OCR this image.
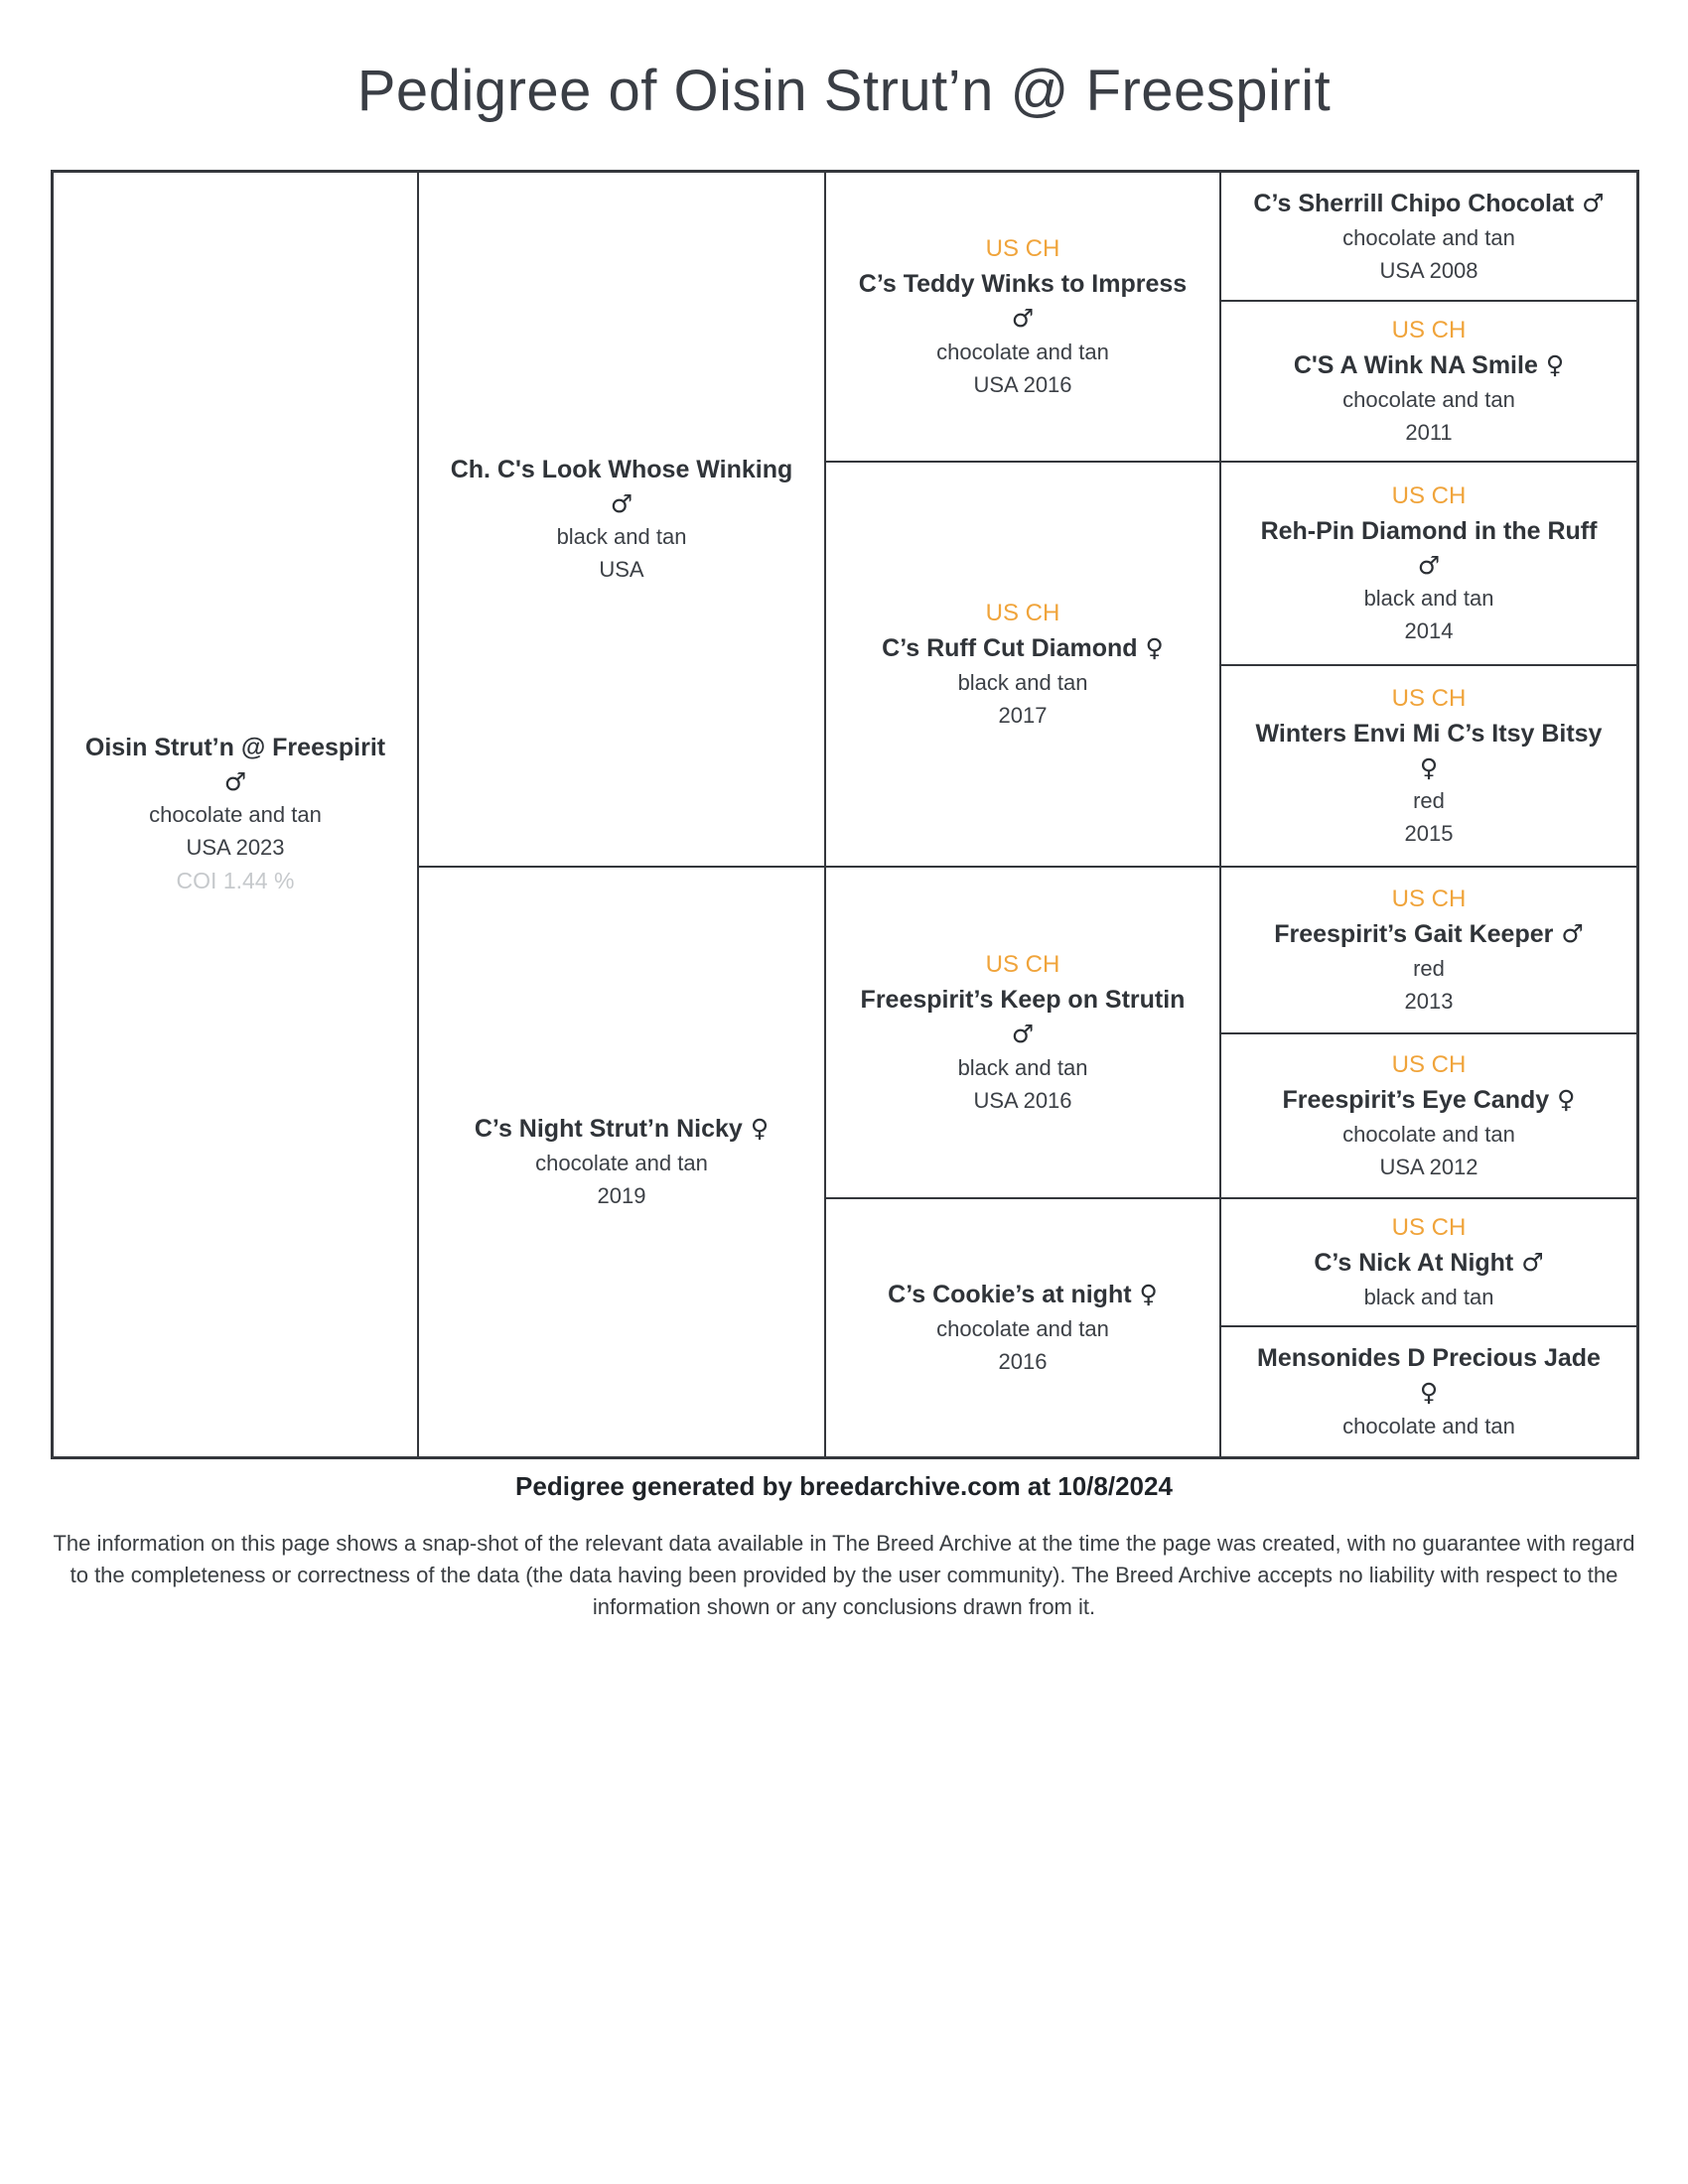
Pedigree of Oisin Strut’n @ Freespirit
Oisin Strut’n @ Freespirit
♂
chocolate and tan
USA 2023
COI 1.44 %
Ch. C's Look Whose Winking
♂
black and tan
USA
C’s Night Strut’n Nicky ♀
chocolate and tan
2019
US CH
C’s Teddy Winks to Impress
♂
chocolate and tan
USA 2016
US CH
C’s Ruff Cut Diamond ♀
black and tan
2017
US CH
Freespirit’s Keep on Strutin
♂
black and tan
USA 2016
C’s Cookie’s at night ♀
chocolate and tan
2016
C’s Sherrill Chipo Chocolat ♂
chocolate and tan
USA 2008
US CH
C'S A Wink NA Smile ♀
chocolate and tan
2011
US CH
Reh-Pin Diamond in the Ruff
♂
black and tan
2014
US CH
Winters Envi Mi C’s Itsy Bitsy
♀
red
2015
US CH
Freespirit’s Gait Keeper ♂
red
2013
US CH
Freespirit’s Eye Candy ♀
chocolate and tan
USA 2012
US CH
C’s Nick At Night ♂
black and tan
Mensonides D Precious Jade
♀
chocolate and tan
Pedigree generated by breedarchive.com at 10/8/2024

The information on this page shows a snap-shot of the relevant data available in The Breed Archive at the time the page was created, with no guarantee with regard to the completeness or correctness of the data (the data having been provided by the user community). The Breed Archive accepts no liability with respect to the information shown or any conclusions drawn from it.
